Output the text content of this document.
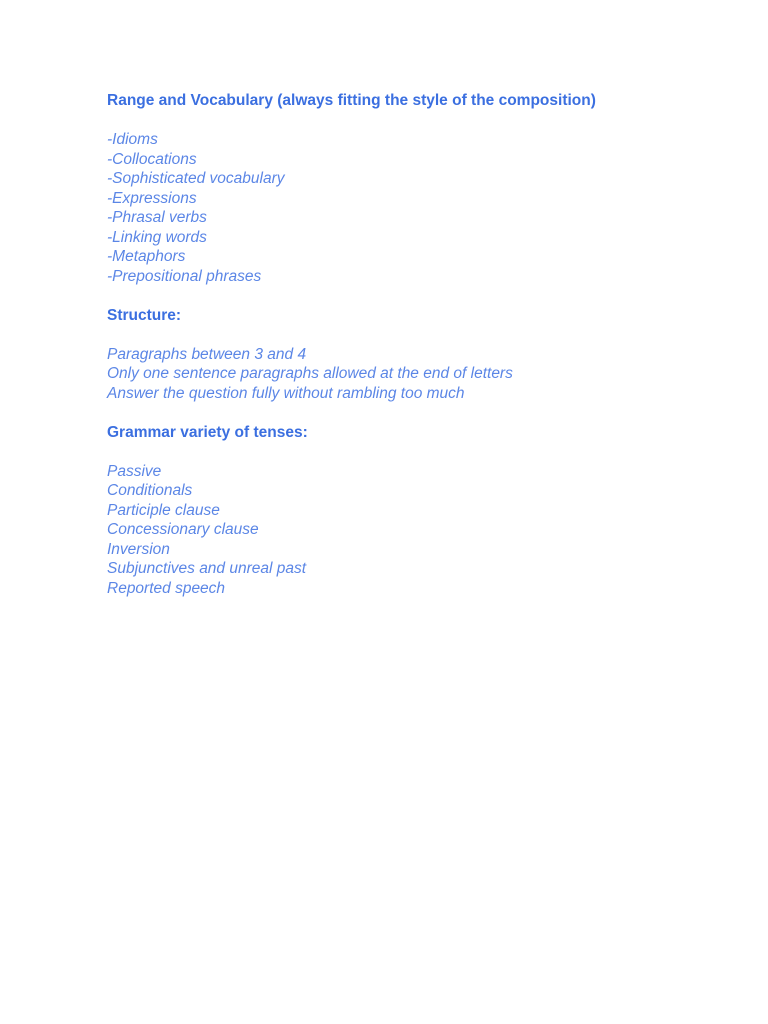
Range and Vocabulary (always fitting the style of the composition)
-Idioms
-Collocations
-Sophisticated vocabulary
-Expressions
-Phrasal verbs
-Linking words
-Metaphors
-Prepositional phrases
Structure:
Paragraphs between 3 and 4
Only one sentence paragraphs allowed at the end of letters
Answer the question fully without rambling too much
Grammar variety of tenses:
Passive
Conditionals
Participle clause
Concessionary clause
Inversion
Subjunctives and unreal past
Reported speech
